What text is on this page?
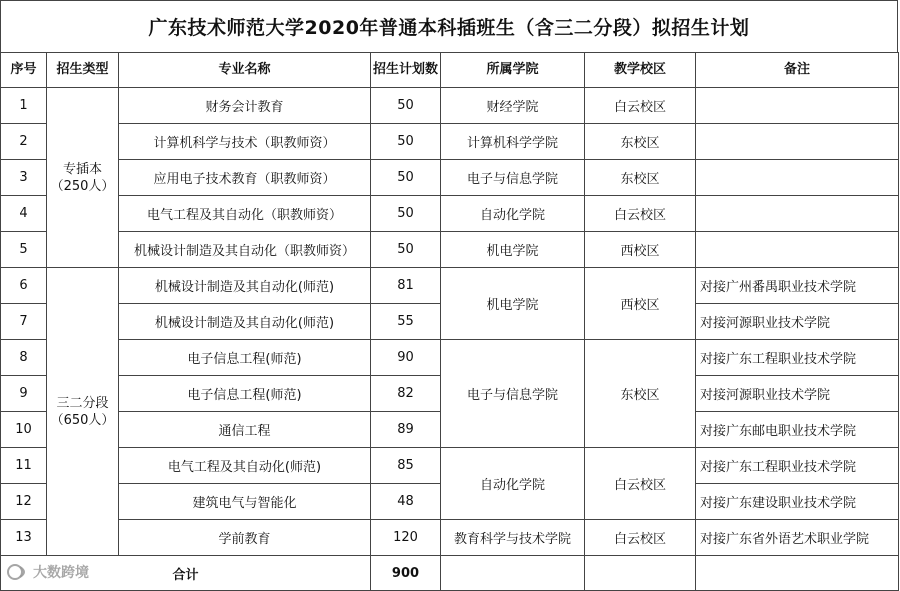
广东技术师范大学2020年普通本科插班生（含三二分段）拟招生计划
序号	招生类型	专业名称	招生计划数	所属学院	教学校区	备注
1	专插本（250人）	财务会计教育	50	财经学院	白云校区	
2		计算机科学与技术（职教师资）	50	计算机科学学院	东校区	
3		应用电子技术教育（职教师资）	50	电子与信息学院	东校区	
4		电气工程及其自动化（职教师资）	50	自动化学院	白云校区	
5		机械设计制造及其自动化（职教师资）	50	机电学院	西校区	
6	三二分段（650人）	机械设计制造及其自动化(师范)	81	机电学院	西校区	对接广州番禺职业技术学院
7		机械设计制造及其自动化(师范)	55			对接河源职业技术学院
8		电子信息工程(师范)	90	电子与信息学院	东校区	对接广东工程职业技术学院
9		电子信息工程(师范)	82			对接河源职业技术学院
10		通信工程	89			对接广东邮电职业技术学院
11		电气工程及其自动化(师范)	85	自动化学院	白云校区	对接广东工程职业技术学院
12		建筑电气与智能化	48			对接广东建设职业技术学院
13		学前教育	120	教育科学与技术学院	白云校区	对接广东省外语艺术职业学院
合计			900			
大数跨境
